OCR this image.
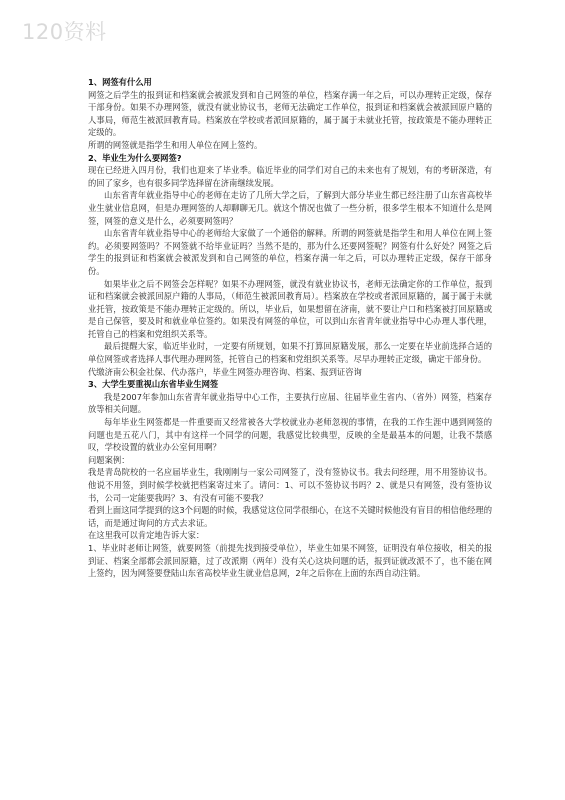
120资料

1、网签有什么用

网签之后学生的报到证和档案就会被派发到和自己网签的单位，档案存满一年之后，可以办理转正定级，保存干部身份。如果不办理网签，就没有就业协议书，老师无法确定工作单位，报到证和档案就会被派回原户籍的人事局，师范生被派回教育局。档案放在学校或者派回原籍的，属于属于未就业托管，按政策是不能办理转正定级的。

所谓的网签就是指学生和用人单位在网上签约。

2、毕业生为什么要网签?

现在已经进入四月份，我们也迎来了毕业季。临近毕业的同学们对自己的未来也有了规划，有的考研深造，有的回了家乡，也有很多同学选择留在济南继续发展。

山东省青年就业指导中心的老师在走访了几所大学之后，了解到大部分毕业生都已经注册了山东省高校毕业生就业信息网，但是办理网签的人却聊聊无几。就这个情况也做了一些分析，很多学生根本不知道什么是网签，网签的意义是什么，必须要网签吗？

山东省青年就业指导中心的老师给大家做了一个通俗的解释。所谓的网签就是指学生和用人单位在网上签约。必须要网签吗？不网签就不给毕业证吗？当然不是的，那为什么还要网签呢？网签有什么好处？网签之后学生的报到证和档案就会被派发到和自己网签的单位，档案存满一年之后，可以办理转正定级，保存干部身份。

如果毕业之后不网签会怎样呢？如果不办理网签，就没有就业协议书，老师无法确定你的工作单位，报到证和档案就会被派回原户籍的人事局，（师范生被派回教育局）。档案放在学校或者派回原籍的，属于属于未就业托管，按政策是不能办理转正定级的。所以，毕业后，如果想留在济南，就不要让户口和档案被打回原籍或是自己保管，要及时和就业单位签约。如果没有网签的单位，可以到山东省青年就业指导中心办理人事代理，托管自己的档案和党组织关系等。

最后提醒大家，临近毕业时，一定要有所规划，如果不打算回原籍发展，那么一定要在毕业前选择合适的单位网签或者选择人事代理办理网签，托管自己的档案和党组织关系等。尽早办理转正定级，确定干部身份。

代缴济南公积金社保、代办落户，毕业生网签办理咨询、档案、报到证咨询

3、大学生要重视山东省毕业生网签

我是2007年参加山东省青年就业指导中心工作，主要执行应届、往届毕业生省内、（省外）网签，档案存放等相关问题。

每年毕业生网签都是一件重要而又经常被各大学校就业办老师忽视的事情，在我的工作生涯中遇到网签的问题也是五花八门，其中有这样一个同学的问题，我感觉比较典型，反映的全是最基本的问题，让我不禁感叹，学校设置的就业办公室何用啊？

问题案例：

我是青岛院校的一名应届毕业生，我刚刚与一家公司网签了，没有签协议书。我去问经理，用不用签协议书。他说不用签，到时候学校就把档案寄过来了。请问：1、可以不签协议书吗？2、就是只有网签，没有签协议书，公司一定能要我吗？3、有没有可能不要我？

看到上面这同学提到的这3个问题的时候，我感觉这位同学很细心，在这不关键时候他没有盲目的相信他经理的话，而是通过询问的方式去求证。

在这里我可以肯定地告诉大家：

1、毕业时老师让网签，就要网签（前提先找到接受单位），毕业生如果不网签，证明没有单位接收，相关的报到证、档案全部都会派回原籍，过了改派期（两年）没有关心这块问题的话，报到证就改派不了，也不能在网上签约，因为网签要登陆山东省高校毕业生就业信息网，2年之后你在上面的东西自动注销。
